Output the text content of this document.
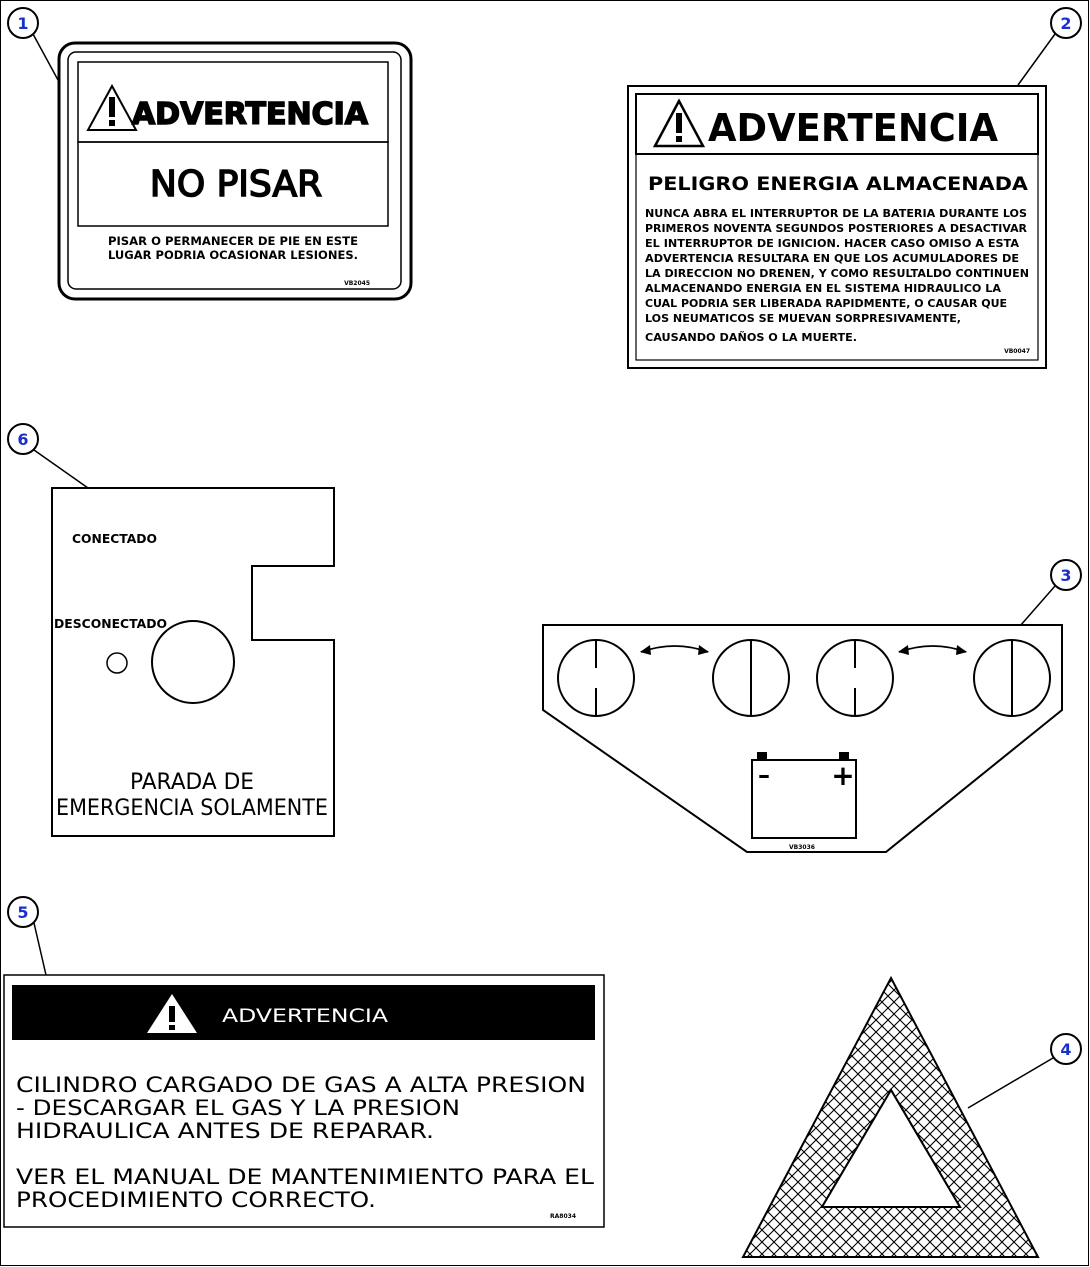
1
ADVERTENCIA
NO PISAR
PISAR O PERMANECER DE PIE EN ESTE
LUGAR PODRIA OCASIONAR LESIONES.
VB2045
2
ADVERTENCIA
PELIGRO ENERGIA ALMACENADA
NUNCA ABRA EL INTERRUPTOR DE LA BATERIA DURANTE LOS
PRIMEROS NOVENTA SEGUNDOS POSTERIORES A DESACTIVAR
EL INTERRUPTOR DE IGNICION. HACER CASO OMISO A ESTA
ADVERTENCIA RESULTARA EN QUE LOS ACUMULADORES DE
LA DIRECCION NO DRENEN, Y COMO RESULTALDO CONTINUEN
ALMACENANDO ENERGIA EN EL SISTEMA HIDRAULICO LA
CUAL PODRIA SER LIBERADA RAPIDMENTE, O CAUSAR QUE
LOS NEUMATICOS SE MUEVAN SORPRESIVAMENTE,
CAUSANDO DAÑOS O LA MUERTE.
VB0047
6
CONECTADO
DESCONECTADO
PARADA DE
EMERGENCIA SOLAMENTE
3
– +
VB3036
5
ADVERTENCIA
CILINDRO CARGADO DE GAS A ALTA PRESION
- DESCARGAR EL GAS Y LA PRESION
HIDRAULICA ANTES DE REPARAR.
VER EL MANUAL DE MANTENIMIENTO PARA EL
PROCEDIMIENTO CORRECTO.
RA8034
4
